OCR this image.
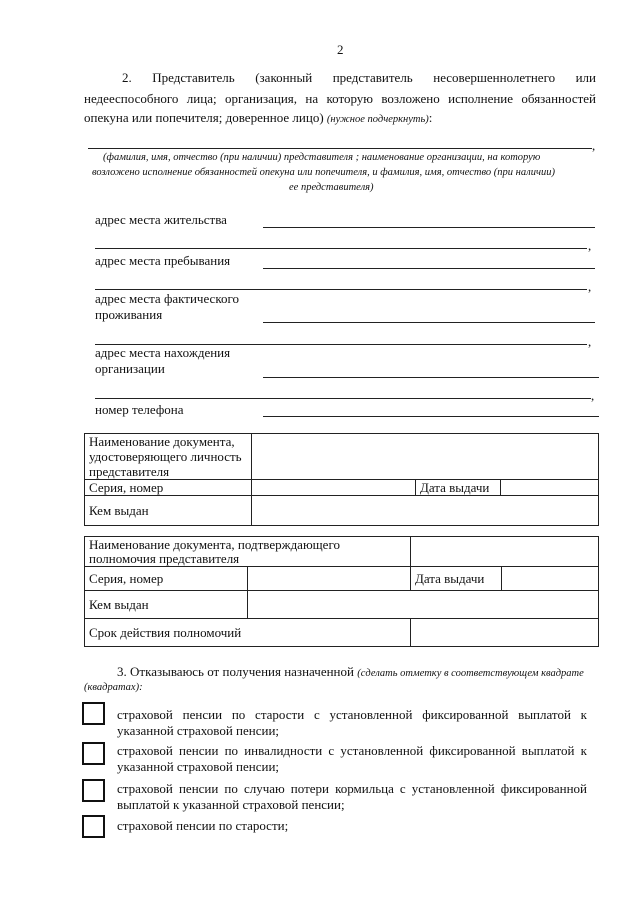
2
2. Представитель (законный представитель несовершеннолетнего или
недееспособного лица; организация, на которую возложено исполнение обязанностей
опекуна или попечителя; доверенное лицо) (нужное подчеркнуть):
,
(фамилия, имя, отчество (при наличии) представителя ; наименование организации, на которую
возложено исполнение обязанностей опекуна или попечителя, и фамилия, имя, отчество (при наличии)
ее представителя)
адрес места жительства
,
адрес места пребывания
,
адрес места фактического
проживания
,
адрес места нахождения
организации
,
номер телефона
Наименование документа,
удостоверяющего личность
представителя			
Серия, номер		Дата выдачи	
Кем выдан			
Наименование документа, подтверждающего
полномочия представителя			
Серия, номер		Дата выдачи	
Кем выдан			
Срок действия полномочий			
3. Отказываюсь от получения назначенной (сделать отметку в соответствующем квадрате
(квадратах):
страховой пенсии по старости с установленной фиксированной выплатой к
указанной страховой пенсии;
страховой пенсии по инвалидности с установленной фиксированной выплатой к
указанной страховой пенсии;
страховой пенсии по случаю потери кормильца с установленной фиксированной
выплатой к указанной страховой пенсии;
страховой пенсии по старости;
